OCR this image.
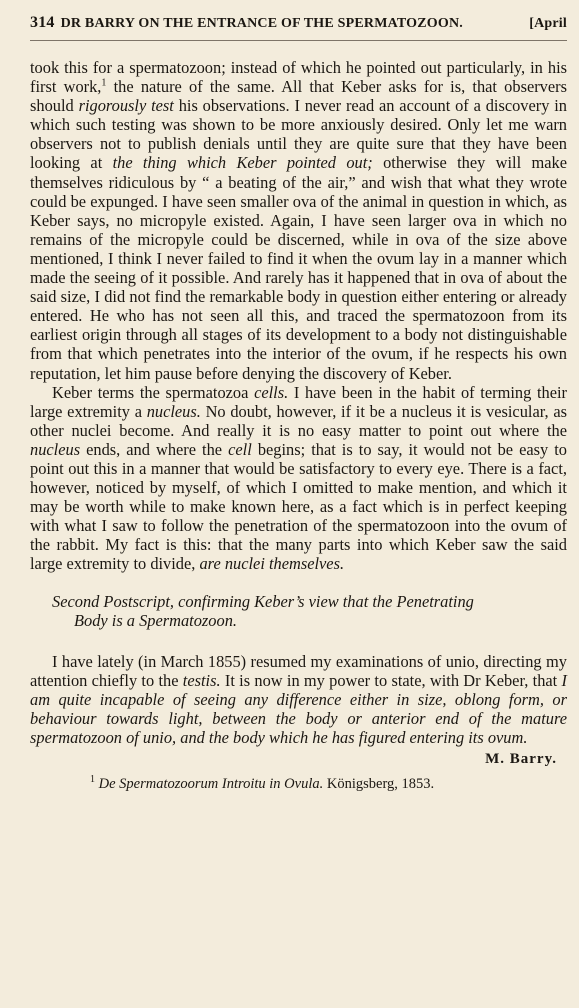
314 DR BARRY ON THE ENTRANCE OF THE SPERMATOZOON.	[April

took this for a spermatozoon; instead of which he pointed out particularly, in his first work,$^1$ the nature of the same. All that Keber asks for is, that observers should rigorously test his observations. I never read an account of a discovery in which such testing was shown to be more anxiously desired. Only let me warn observers not to publish denials until they are quite sure that they have been looking at the thing which Keber pointed out; otherwise they will make themselves ridiculous by “ a beating of the air,” and wish that what they wrote could be expunged. I have seen smaller ova of the animal in question in which, as Keber says, no micropyle existed. Again, I have seen larger ova in which no remains of the micropyle could be discerned, while in ova of the size above mentioned, I think I never failed to find it when the ovum lay in a manner which made the seeing of it possible. And rarely has it happened that in ova of about the said size, I did not find the remarkable body in question either entering or already entered. He who has not seen all this, and traced the spermatozoon from its earliest origin through all stages of its development to a body not distinguishable from that which penetrates into the interior of the ovum, if he respects his own reputation, let him pause before denying the discovery of Keber.

Keber terms the spermatozoa cells. I have been in the habit of terming their large extremity a nucleus. No doubt, however, if it be a nucleus it is vesicular, as other nuclei become. And really it is no easy matter to point out where the nucleus ends, and where the cell begins; that is to say, it would not be easy to point out this in a manner that would be satisfactory to every eye. There is a fact, however, noticed by myself, of which I omitted to make mention, and which it may be worth while to make known here, as a fact which is in perfect keeping with what I saw to follow the penetration of the spermatozoon into the ovum of the rabbit. My fact is this: that the many parts into which Keber saw the said large extremity to divide, are nuclei themselves.

Second Postscript, confirming Keber’s view that the Penetrating
Body is a Spermatozoon.

I have lately (in March 1855) resumed my examinations of unio, directing my attention chiefly to the testis. It is now in my power to state, with Dr Keber, that I am quite incapable of seeing any difference either in size, oblong form, or behaviour towards light, between the body or anterior end of the mature spermatozoon of unio, and the body which he has figured entering its ovum.

M. Barry.
$^1$ De Spermatozoorum Introitu in Ovula. Königsberg, 1853.
